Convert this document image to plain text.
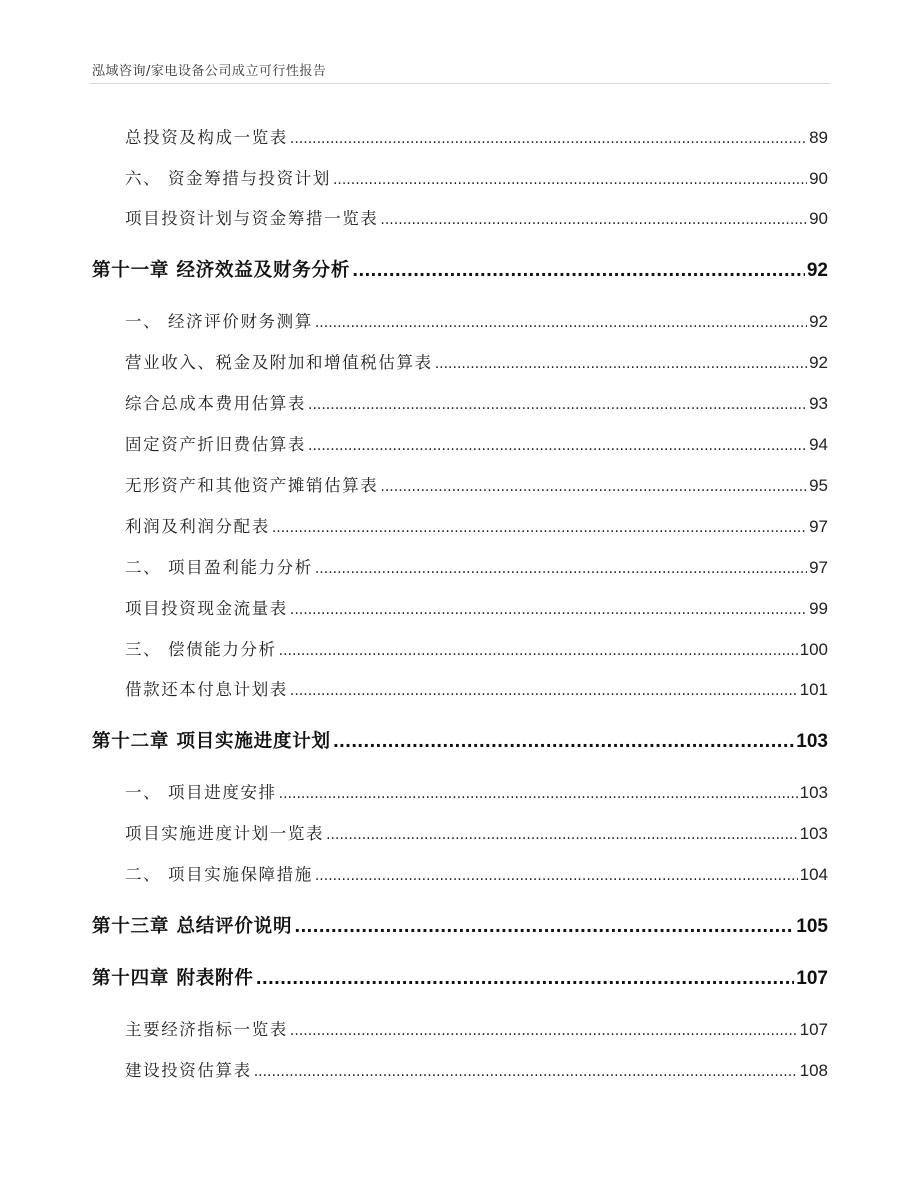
泓域咨询/家电设备公司成立可行性报告
总投资及构成一览表 .....	89
六、 资金筹措与投资计划 .....	90
项目投资计划与资金筹措一览表 .....	90
第十一章 经济效益及财务分析 .....	92
一、 经济评价财务测算 .....	92
营业收入、税金及附加和增值税估算表 .....	92
综合总成本费用估算表 .....	93
固定资产折旧费估算表 .....	94
无形资产和其他资产摊销估算表 .....	95
利润及利润分配表 .....	97
二、 项目盈利能力分析 .....	97
项目投资现金流量表 .....	99
三、 偿债能力分析 .....	100
借款还本付息计划表 .....	101
第十二章 项目实施进度计划 .....	103
一、 项目进度安排 .....	103
项目实施进度计划一览表 .....	103
二、 项目实施保障措施 .....	104
第十三章 总结评价说明 .....	105
第十四章 附表附件 .....	107
主要经济指标一览表 .....	107
建设投资估算表 .....	108
